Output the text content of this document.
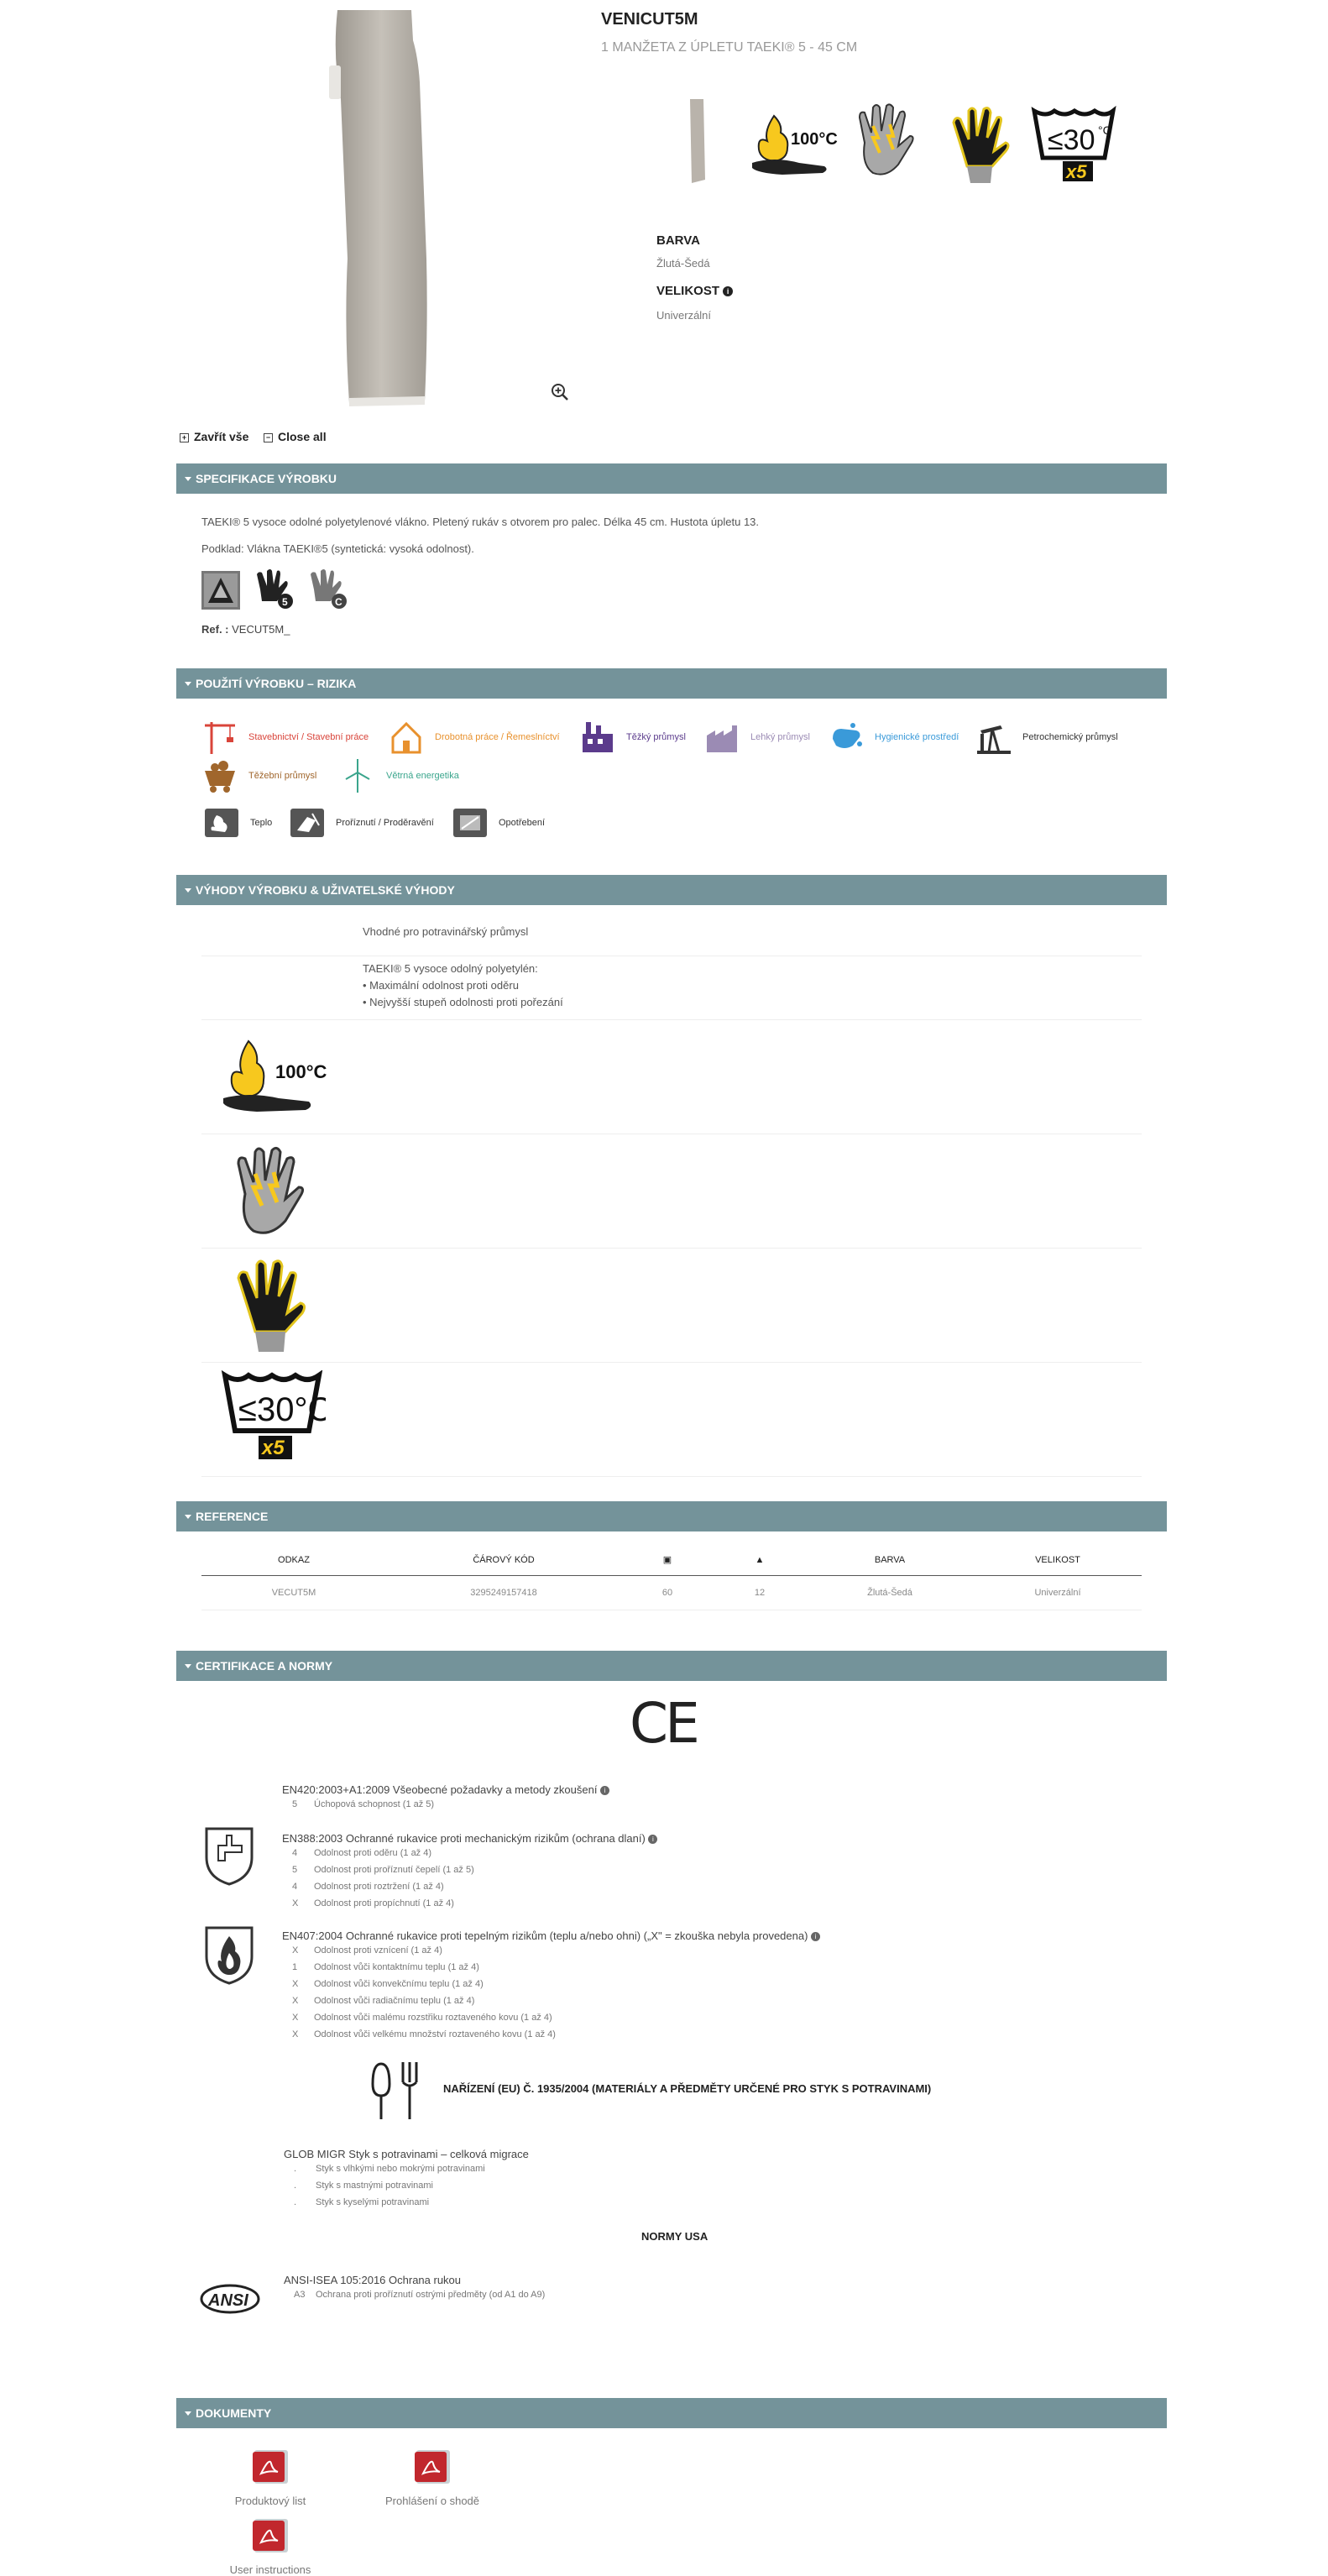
VENICUT5M
1 MANŽETA Z ÚPLETU TAEKI® 5 - 45 CM
100°C	≤30 °C
x5
BARVA
Žlutá-Šedá
VELIKOST i
Univerzální
+ Zavřít vše	− Close all
SPECIFIKACE VÝROBKU
TAEKI® 5 vysoce odolné polyetylenové vlákno. Pletený rukáv s otvorem pro palec. Délka 45 cm. Hustota úpletu 13.
Podklad: Vlákna TAEKI®5 (syntetická: vysoká odolnost).
5	C
Ref. : VECUT5M_
POUŽITÍ VÝROBKU – RIZIKA
Stavebnictví / Stavební práce	Drobotná práce / Řemeslníctví	Těžký průmysl	Lehký průmysl	Hygienické prostředí	Petrochemický průmysl
Těžební průmysl	Větrná energetika
Teplo	Proříznutí / Proděravění	Opotřebení
VÝHODY VÝROBKU & UŽIVATELSKÉ VÝHODY
Vhodné pro potravinářský průmysl
TAEKI® 5 vysoce odolný polyetylén:
• Maximální odolnost proti oděru
• Nejvyšší stupeň odolnosti proti pořezání
100°C
≤30°C
x5
REFERENCE
ODKAZ	ČÁROVÝ KÓD	▣	▲	BARVA	VELIKOST
VECUT5M	3295249157418	60	12	Žlutá-Šedá	Univerzální
CERTIFIKACE A NORMY
CE
EN420:2003+A1:2009 Všeobecné požadavky a metody zkoušení i
5 Úchopová schopnost (1 až 5)
EN388:2003 Ochranné rukavice proti mechanickým rizikům (ochrana dlaní) i
4 Odolnost proti oděru (1 až 4)
5 Odolnost proti proříznutí čepelí (1 až 5)
4 Odolnost proti roztržení (1 až 4)
X Odolnost proti propíchnutí (1 až 4)
EN407:2004 Ochranné rukavice proti tepelným rizikům (teplu a/nebo ohni) („X" = zkouška nebyla provedena) i
X Odolnost proti vznícení (1 až 4)
1 Odolnost vůči kontaktnímu teplu (1 až 4)
X Odolnost vůči konvekčnímu teplu (1 až 4)
X Odolnost vůči radiačnímu teplu (1 až 4)
X Odolnost vůči malému rozstřiku roztaveného kovu (1 až 4)
X Odolnost vůči velkému množství roztaveného kovu (1 až 4)
NAŘÍZENÍ (EU) Č. 1935/2004 (MATERIÁLY A PŘEDMĚTY URČENÉ PRO STYK S POTRAVINAMI)
GLOB MIGR Styk s potravinami – celková migrace
. Styk s vlhkými nebo mokrými potravinami
. Styk s mastnými potravinami
. Styk s kyselými potravinami
NORMY USA
ANSI
ANSI-ISEA 105:2016 Ochrana rukou
A3 Ochrana proti proříznutí ostrými předměty (od A1 do A9)
DOKUMENTY
Produktový list	Prohlášení o shodě
User instructions
